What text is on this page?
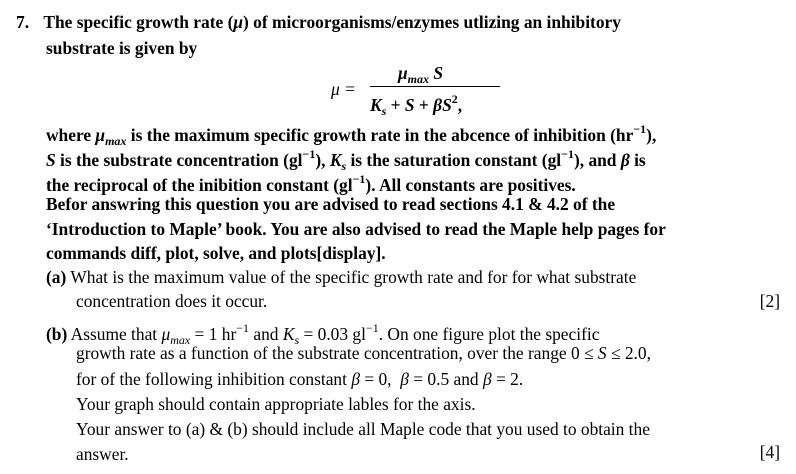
7. The specific growth rate (μ) of microorganisms/enzymes utlizing an inhibitory
substrate is given by
μ =
$\mu_{max}$ S
$K_s + S + \beta S^2$,
where $\mu_{max}$ is the maximum specific growth rate in the abcence of inhibition $(hr^{-1})$,
S is the substrate concentration $(gl^{-1})$, $K_s$ is the saturation constant $(gl^{-1})$, and β is
the reciprocal of the inibition constant $(gl^{-1})$. All constants are positives.
Befor answring this question you are advised to read sections 4.1 & 4.2 of the
‘Introduction to Maple’ book. You are also advised to read the Maple help pages for
commands diff, plot, solve, and plots[display].
(a) What is the maximum value of the specific growth rate and for for what substrate
concentration does it occur.	[2]
(b) Assume that $\mu_{max} = 1$ $hr^{-1}$ and $K_s = 0.03$ $gl^{-1}$. On one figure plot the specific
growth rate as a function of the substrate concentration, over the range 0 ≤ S ≤ 2.0,
for of the following inhibition constant β = 0,  β = 0.5 and β = 2.
Your graph should contain appropriate lables for the axis.
Your answer to (a) & (b) should include all Maple code that you used to obtain the
answer.	[4]
